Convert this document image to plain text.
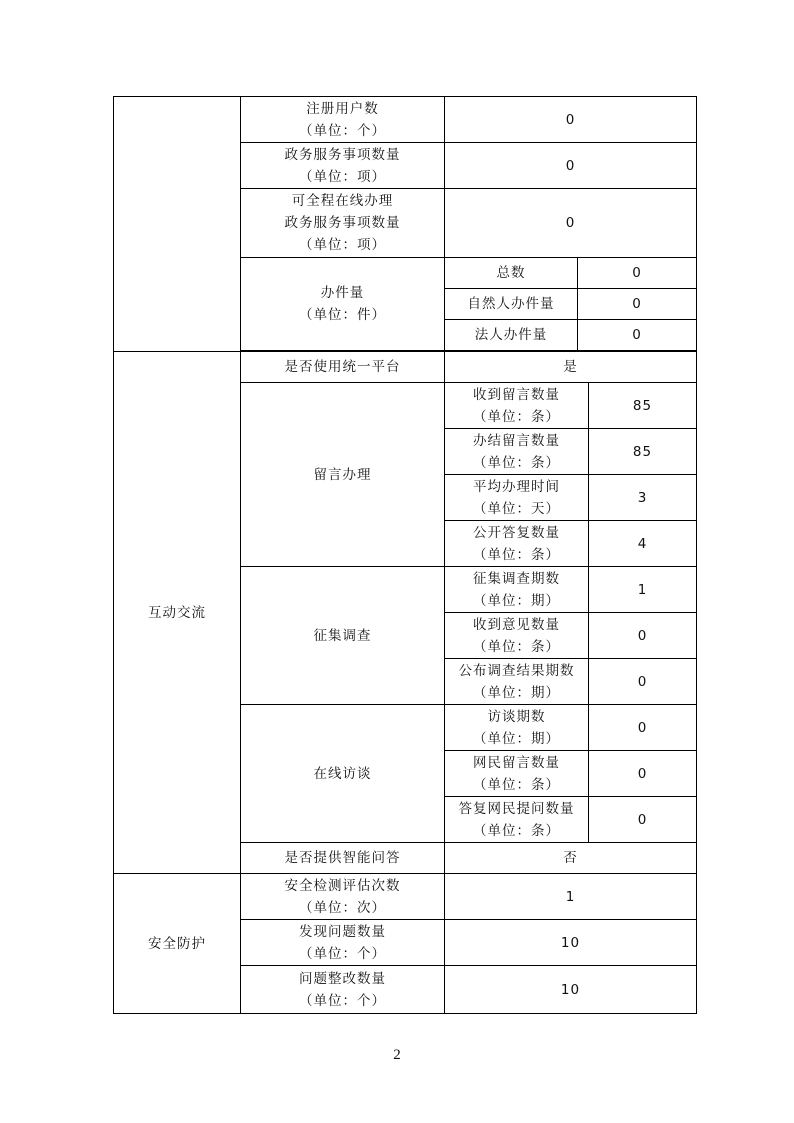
	注册用户数
（单位：个）	0		

	政务服务事项数量
（单位：项）	0		

	可全程在线办理
政务服务事项数量
（单位：项）	0		

	办件量
（单位：件）	总数	0	
		自然人办件量	0	
		法人办件量	0	

互动交流	是否使用统一平台	是		
	留言办理	收到留言数量
（单位：条）		85

		办结留言数量
（单位：条）		85

		平均办理时间
（单位：天）		3

		公开答复数量
（单位：条）		4
	征集调查	征集调查期数
（单位：期）		1

		收到意见数量
（单位：条）		0

		公布调查结果期数
（单位：期）		0
	在线访谈	访谈期数
（单位：期）		0

		网民留言数量
（单位：条）		0

		答复网民提问数量
（单位：条）		0
	是否提供智能问答	否		
安全防护	安全检测评估次数
（单位：次）	1		

	发现问题数量
（单位：个）	10		

	问题整改数量
（单位：个）	10		
2
